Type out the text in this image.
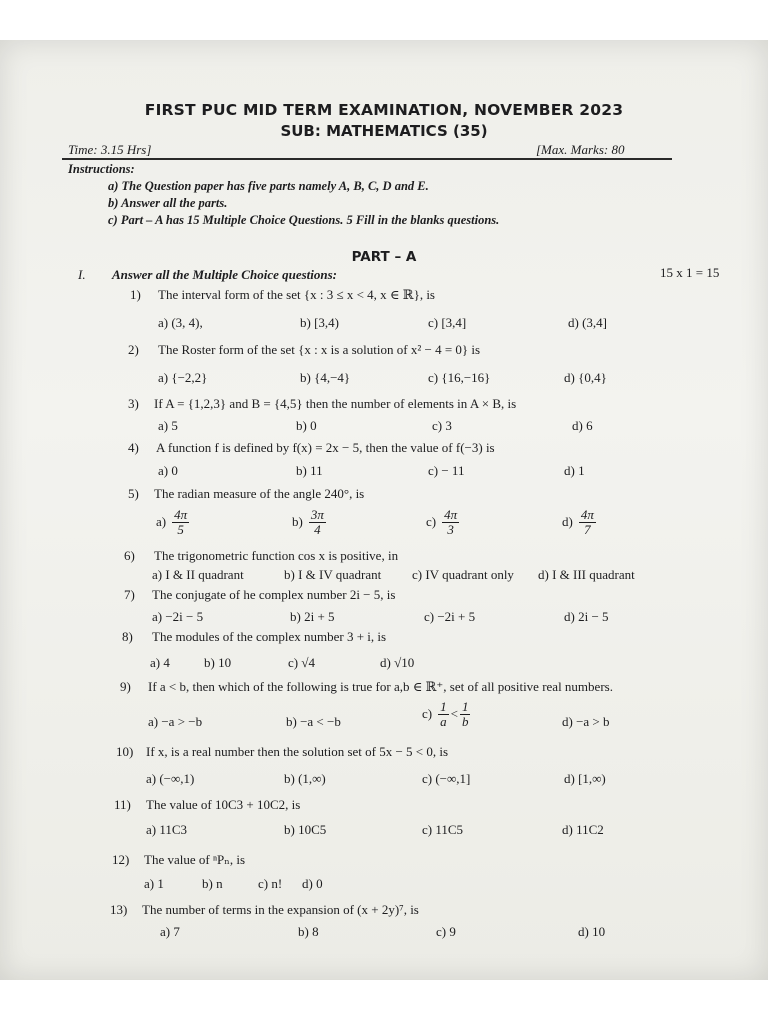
FIRST PUC MID TERM EXAMINATION, NOVEMBER 2023
SUB: MATHEMATICS (35)
Time: 3.15 Hrs]	[Max. Marks: 80
Instructions:
a) The Question paper has five parts namely A, B, C, D and E.
b) Answer all the parts.
c) Part – A has 15 Multiple Choice Questions. 5 Fill in the blanks questions.
PART – A
I. Answer all the Multiple Choice questions:	15 x 1 = 15
1) The interval form of the set {x : 3 ≤ x < 4, x ∈ ℝ}, is
a) (3, 4),	b) [3,4)	c) [3,4]	d) (3,4]
2) The Roster form of the set {x : x is a solution of x² − 4 = 0} is
a) {−2,2}	b) {4,−4}	c) {16,−16}	d) {0,4}
3) If A = {1,2,3} and B = {4,5} then the number of elements in A × B, is
a) 5	b) 0	c) 3	d) 6
4) A function f is defined by f(x) = 2x − 5, then the value of f(−3) is
a) 0	b) 11	c) − 11	d) 1
5) The radian measure of the angle 240°, is
$a) \frac{4\pi}{5}$	$b) \frac{3\pi}{4}$	$c) \frac{4\pi}{3}$	$d) \frac{4\pi}{7}$
6) The trigonometric function cos x is positive, in
a) I & II quadrant	b) I & IV quadrant c) IV quadrant only d) I & III quadrant
7) The conjugate of he complex number 2i − 5, is
a) −2i − 5	b) 2i + 5	c) −2i + 5	d) 2i − 5
8) The modules of the complex number 3 + i, is
a) 4	b) 10	c) √4	d) √10
9) If a < b, then which of the following is true for a,b ∈ ℝ⁺, set of all positive real numbers.
a) −a > −b	b) −a < −b
$c) \frac{1}{a} < \frac{1}{b}$	d) −a > b
10) If x, is a real number then the solution set of 5x − 5 < 0, is
a) (−∞,1)	b) (1,∞)	c) (−∞,1]	d) [1,∞)
11) The value of 10C3 + 10C2, is
a) 11C3	b) 10C5	c) 11C5	d) 11C2
12) The value of ⁿPₙ, is
a) 1	b) n	c) n! d) 0
13) The number of terms in the expansion of (x + 2y)⁷, is
a) 7	b) 8	c) 9	d) 10
